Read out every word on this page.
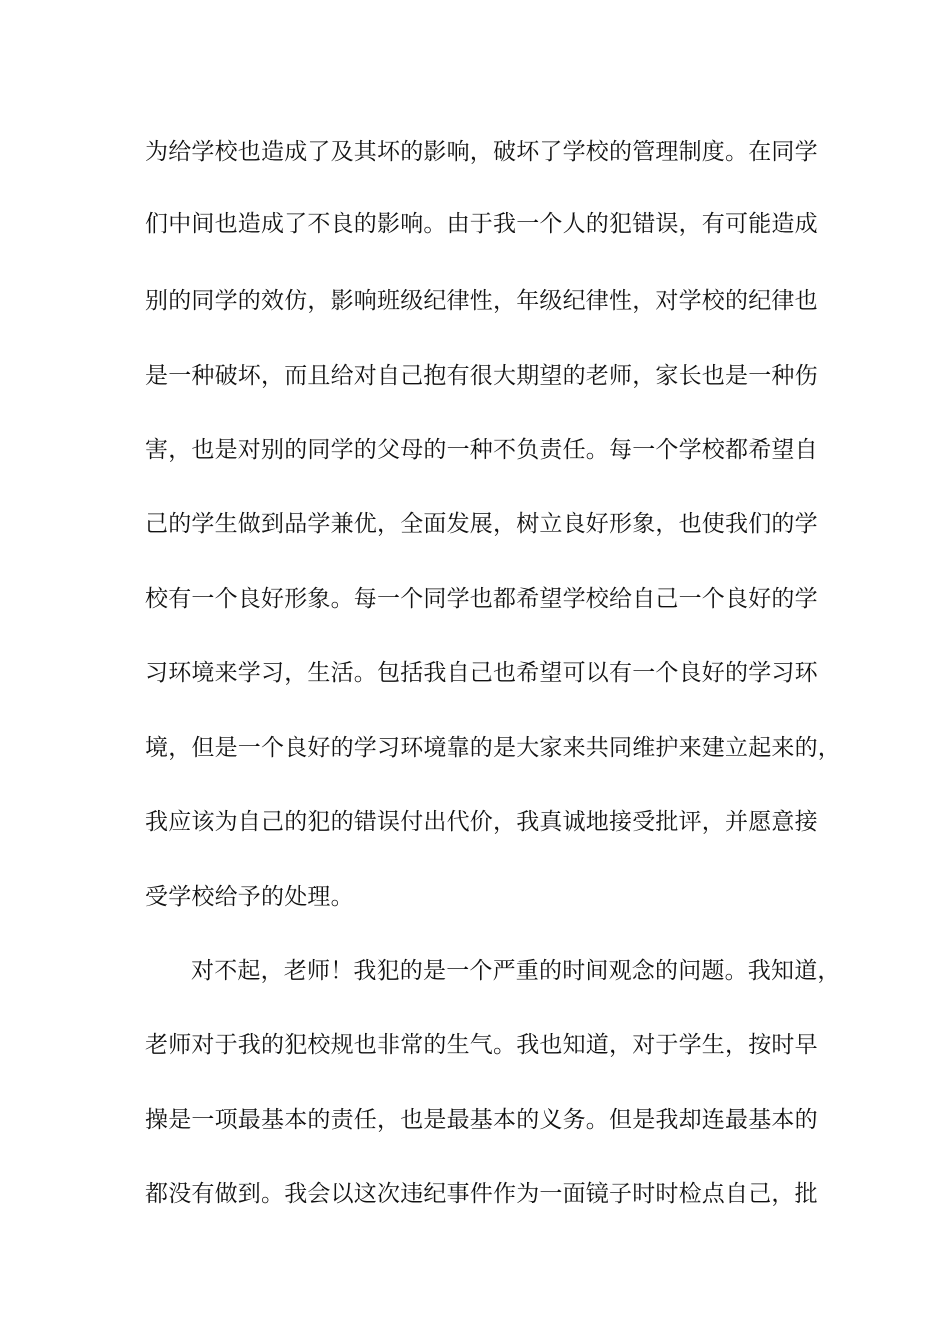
为给学校也造成了及其坏的影响，破坏了学校的管理制度。在同学
们中间也造成了不良的影响。由于我一个人的犯错误，有可能造成
别的同学的效仿，影响班级纪律性，年级纪律性，对学校的纪律也
是一种破坏，而且给对自己抱有很大期望的老师，家长也是一种伤
害，也是对别的同学的父母的一种不负责任。每一个学校都希望自
己的学生做到品学兼优，全面发展，树立良好形象，也使我们的学
校有一个良好形象。每一个同学也都希望学校给自己一个良好的学
习环境来学习，生活。包括我自己也希望可以有一个良好的学习环
境，但是一个良好的学习环境靠的是大家来共同维护来建立起来的，
我应该为自己的犯的错误付出代价，我真诚地接受批评，并愿意接
受学校给予的处理。
对不起，老师！我犯的是一个严重的时间观念的问题。我知道，
老师对于我的犯校规也非常的生气。我也知道，对于学生，按时早
操是一项最基本的责任，也是最基本的义务。但是我却连最基本的
都没有做到。我会以这次违纪事件作为一面镜子时时检点自己，批
